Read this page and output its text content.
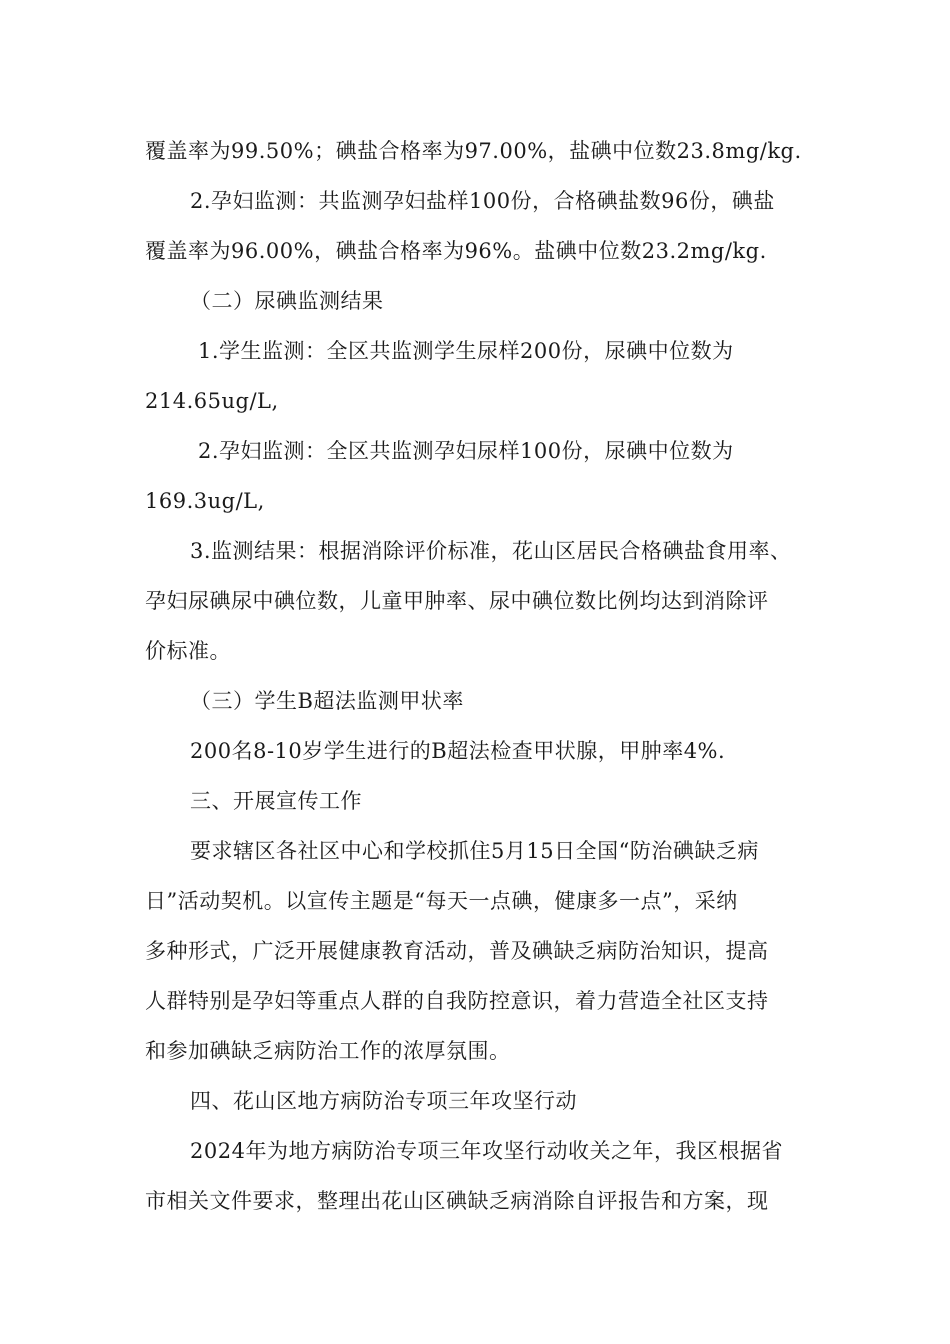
覆盖率为99.50%；碘盐合格率为97.00%，盐碘中位数23.8mg/kg.
2.孕妇监测：共监测孕妇盐样100份，合格碘盐数96份，碘盐
覆盖率为96.00%，碘盐合格率为96%。盐碘中位数23.2mg/kg.
（二）尿碘监测结果
1.学生监测：全区共监测学生尿样200份，尿碘中位数为
214.65ug/L,
2.孕妇监测：全区共监测孕妇尿样100份，尿碘中位数为
169.3ug/L,
3.监测结果：根据消除评价标准，花山区居民合格碘盐食用率、
孕妇尿碘尿中碘位数，儿童甲肿率、尿中碘位数比例均达到消除评
价标准。
（三）学生B超法监测甲状率
200名8-10岁学生进行的B超法检查甲状腺，甲肿率4%.
三、开展宣传工作
要求辖区各社区中心和学校抓住5月15日全国“防治碘缺乏病
日”活动契机。以宣传主题是“每天一点碘，健康多一点”，采纳
多种形式，广泛开展健康教育活动，普及碘缺乏病防治知识，提高
人群特别是孕妇等重点人群的自我防控意识，着力营造全社区支持
和参加碘缺乏病防治工作的浓厚氛围。
四、花山区地方病防治专项三年攻坚行动
2024年为地方病防治专项三年攻坚行动收关之年，我区根据省
市相关文件要求，整理出花山区碘缺乏病消除自评报告和方案，现
